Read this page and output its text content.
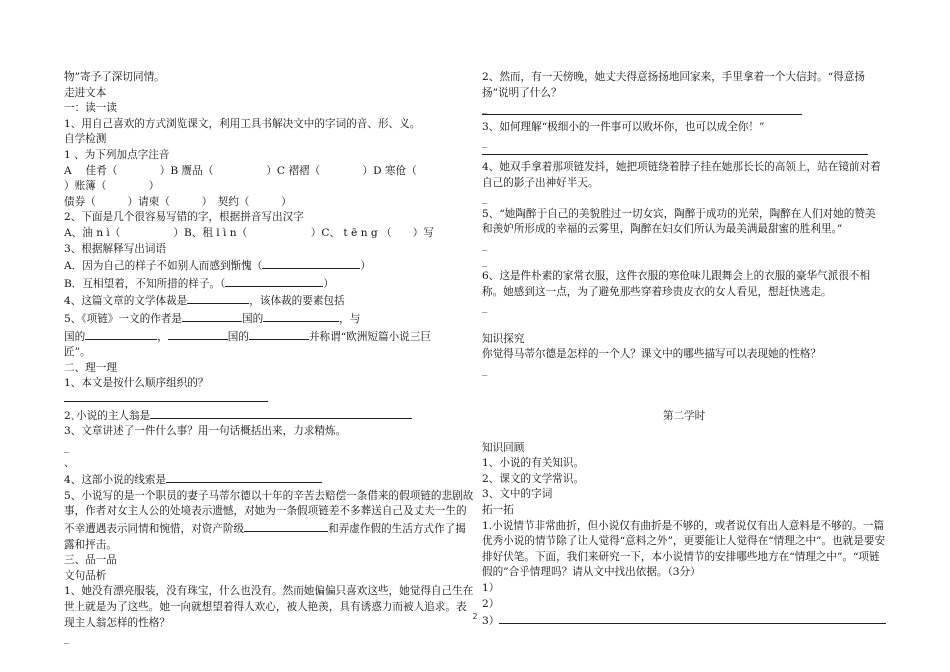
物”寄予了深切同情。
走进文本
一：读一读
1、用自己喜欢的方式浏览课文，利用工具书解决文中的字词的音、形、义。
自学检测
1 、为下列加点字注音
A　 佳肴（　　　　）B 赝品（　　　　　）C 褶褶（　　　　）D 寒伧（　　　
）账簿（　　　　）
债券（　　　）请柬（　　　）　契约（　　　）
2、下面是几个很容易写错的字，根据拼音写出汉字
A、油 n ì（　　　　　）B、租 l ì n（　　　　　　）C、 t ē n g （　　）写
3、根据解释写出词语
A．因为自己的样子不如别人而感到惭愧（	）
B．互相望着，不知所措的样子。（	）
4、这篇文章的文学体裁是	，该体裁的要素包括
5、《项链》一文的作者是	国的	，与
国的	，	国的	并称谓“欧洲短篇小说三巨
匠”。
二、理一理
1、本文是按什么顺序组织的？
2､小说的主人翁是
3、文章讲述了一件什么事？用一句话概括出来，力求精炼。
_
、
4、这部小说的线索是
5、小说写的是一个职员的妻子马蒂尔德以十年的辛苦去赔偿一条借来的假项链的悲剧故事，作者对女主人公的处境表示遗憾，对她为一条假项链差不多葬送自己及丈夫一生的不幸遭遇表示同情和惋惜，对资产阶级	和弄虚作假的生活方式作了揭露和抨击。
三、品一品
文句品析
1、她没有漂亮服装，没有珠宝，什么也没有。然而她偏偏只喜欢这些，她觉得自己生在世上就是为了这些。她一向就想望着得人欢心，被人艳羡，具有诱惑力而被人追求。表现主人翁怎样的性格？
_
2、然而，有一天傍晚，她丈夫得意扬扬地回家来，手里拿着一个大信封。“得意扬扬”说明了什么？
_
3、如何理解“极细小的一件事可以败坏你，也可以成全你！”
_
4、她双手拿着那项链发抖，她把项链绕着脖子挂在她那长长的高领上，站在镜前对着自己的影子出神好半天。
_
5、“她陶醉于自己的美貌胜过一切女宾，陶醉于成功的光荣，陶醉在人们对她的赞美和羡妒所形成的幸福的云雾里，陶醉在妇女们所认为最美满最甜蜜的胜利里。”
_
_
6、这是件朴素的家常衣服，这件衣服的寒伧味儿跟舞会上的衣服的豪华气派很不相称。她感到这一点，为了避免那些穿着珍贵皮衣的女人看见，想赶快逃走。
_
知识探究
你觉得马蒂尔德是怎样的一个人？课文中的哪些描写可以表现她的性格？
_
第二学时
知识回顾
1、小说的有关知识。
2、课文的文学常识。
3、文中的字词
拓一拓
1.小说情节非常曲折，但小说仅有曲折是不够的，或者说仅有出人意料是不够的。一篇优秀小说的情节除了让人觉得“意料之外”，更要能让人觉得在“情理之中”。也就是要安排好伏笔。下面，我们来研究一下，本小说情节的安排哪些地方在“情理之中”。“项链假的”合乎情理吗？请从文中找出依据。（3分）
1）
2）
3）
2
